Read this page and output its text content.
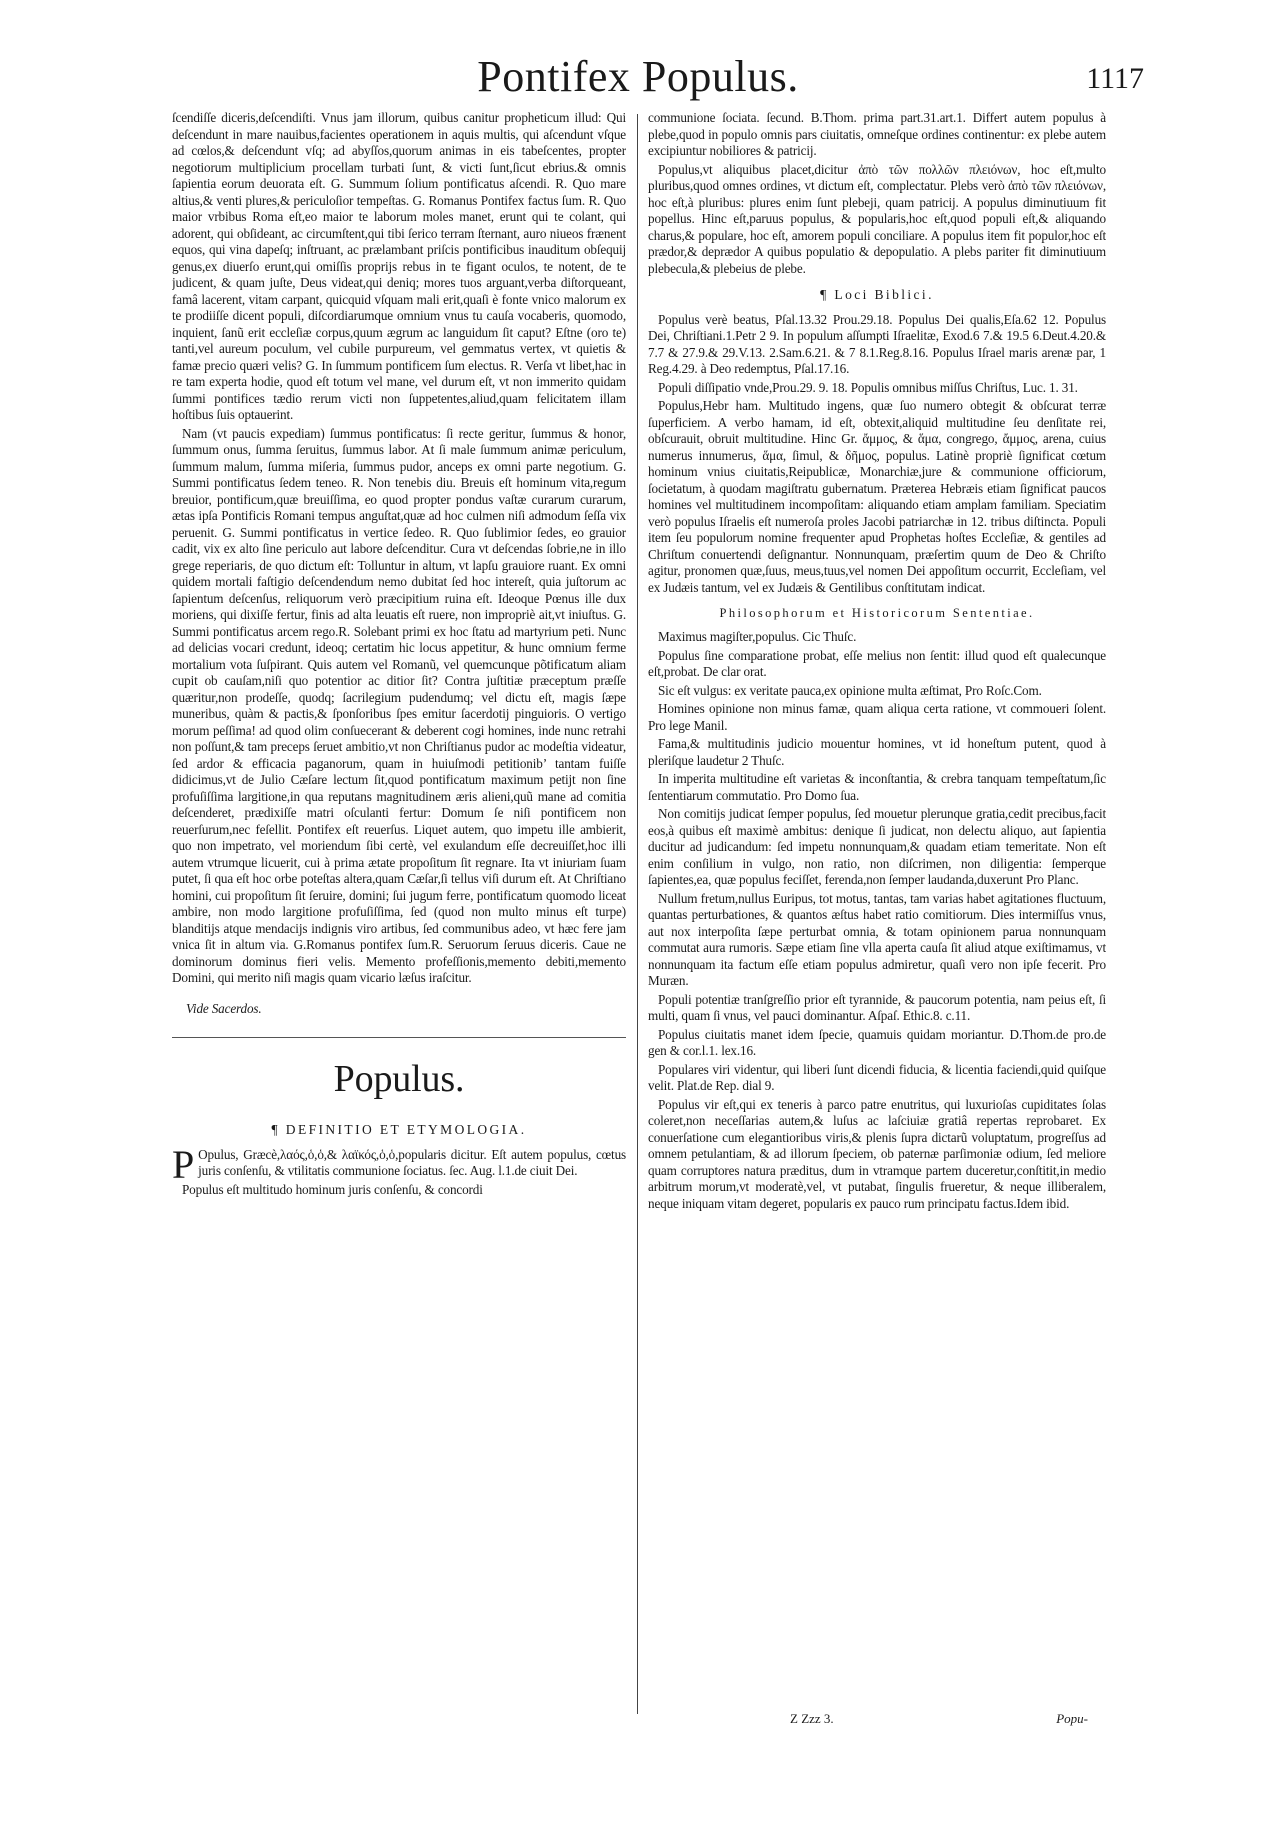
Pontifex Populus.	1117

ſcendiſſe diceris,deſcendiſti. Vnus jam illorum, quibus canitur propheticum illud: Qui deſcendunt in mare nauibus,facientes operationem in aquis multis, qui aſcendunt vſque ad cœlos,& deſcendunt vſq; ad abyſſos,quorum animas in eis tabeſcentes, propter negotiorum multiplicium procellam turbati ſunt, & victi ſunt,ſicut ebrius.& omnis ſapientia eorum deuorata eſt. G. Summum ſolium pontificatus aſcendi. R. Quo mare altius,& venti plures,& periculoſior tempeſtas. G. Romanus Pontifex factus ſum. R. Quo maior vrbibus Roma eſt,eo maior te laborum moles manet, erunt qui te colant, qui adorent, qui obſideant, ac circumſtent,qui tibi ſerico terram ſternant, auro niueos frænent equos, qui vina dapeſq; inſtruant, ac prælambant priſcis pontificibus inauditum obſequij genus,ex diuerſo erunt,qui omiſſis proprijs rebus in te figant oculos, te notent, de te judicent, & quam juſte, Deus videat,qui deniq; mores tuos arguant,verba diſtorqueant, famâ lacerent, vitam carpant, quicquid vſquam mali erit,quaſi è fonte vnico malorum ex te prodiiſſe dicent populi, diſcordiarumque omnium vnus tu cauſa vocaberis, quomodo, inquient, ſanũ erit eccleſiæ corpus,quum ægrum ac languidum ſit caput? Eſtne (oro te) tanti,vel aureum poculum, vel cubile purpureum, vel gemmatus vertex, vt quietis & famæ precio quæri velis? G. In ſummum pontificem ſum electus. R. Verſa vt libet,hac in re tam experta hodie, quod eſt totum vel mane, vel durum eſt, vt non immerito quidam ſummi pontifices tædio rerum victi non ſuppetentes,aliud,quam felicitatem illam hoſtibus ſuis optauerint.

Nam (vt paucis expediam) ſummus pontificatus: ſi recte geritur, ſummus & honor, ſummum onus, ſumma ſeruitus, ſummus labor. At ſi male ſummum animæ periculum, ſummum malum, ſumma miſeria, ſummus pudor, anceps ex omni parte negotium. G. Summi pontificatus ſedem teneo. R. Non tenebis diu. Breuis eſt hominum vita,regum breuior, pontificum,quæ breuiſſima, eo quod propter pondus vaſtæ curarum curarum, ætas ipſa Pontificis Romani tempus anguſtat,quæ ad hoc culmen niſi admodum ſeſſa vix peruenit. G. Summi pontificatus in vertice ſedeo. R. Quo ſublimior ſedes, eo grauior cadit, vix ex alto ſine periculo aut labore deſcenditur. Cura vt deſcendas ſobrie,ne in illo grege reperiaris, de quo dictum eſt: Tolluntur in altum, vt lapſu grauiore ruant. Ex omni quidem mortali faſtigio deſcendendum nemo dubitat ſed hoc intereſt, quia juſtorum ac ſapientum deſcenſus, reliquorum verò præcipitium ruina eſt. Ideoque Pœnus ille dux moriens, qui dixiſſe fertur, finis ad alta leuatis eſt ruere, non impropriè ait,vt iniuſtus. G. Summi pontificatus arcem rego.R. Solebant primi ex hoc ſtatu ad martyrium peti. Nunc ad delicias vocari credunt, ideoq; certatim hic locus appetitur, & hunc omnium ferme mortalium vota ſuſpirant. Quis autem vel Romanũ, vel quemcunque põtificatum aliam cupit ob cauſam,niſi quo potentior ac ditior ſit? Contra juſtitiæ præceptum præſſe quæritur,non prodeſſe, quodq; ſacrilegium pudendumq; vel dictu eſt, magis ſæpe muneribus, quàm & pactis,& ſponſoribus ſpes emitur ſacerdotij pinguioris. O vertigo morum peſſima! ad quod olim conſuecerant & deberent cogi homines, inde nunc retrahi non poſſunt,& tam preceps ſeruet ambitio,vt non Chriſtianus pudor ac modeſtia videatur, ſed ardor & efficacia paganorum, quam in huiuſmodi petitionib’ tantam fuiſſe didicimus,vt de Julio Cæſare lectum ſit,quod pontificatum maximum petijt non ſine profuſiſſima largitione,in qua reputans magnitudinem æris alieni,quũ mane ad comitia deſcenderet, prædixiſſe matri oſculanti fertur: Domum ſe niſi pontificem non reuerſurum,nec feſellit. Pontifex eſt reuerſus. Liquet autem, quo impetu ille ambierit, quo non impetrato, vel moriendum ſibi certè, vel exulandum eſſe decreuiſſet,hoc illi autem vtrumque licuerit, cui à prima ætate propoſitum ſit regnare. Ita vt iniuriam ſuam putet, ſi qua eſt hoc orbe poteſtas altera,quam Cæſar,ſi tellus viſi durum eſt. At Chriſtiano homini, cui propoſitum ſit ſeruire, domini; ſui jugum ferre, pontificatum quomodo liceat ambire, non modo largitione profuſiſſima, ſed (quod non multo minus eſt turpe) blanditijs atque mendacijs indignis viro artibus, ſed communibus adeo, vt hæc fere jam vnica ſit in altum via. G.Romanus pontifex ſum.R. Seruorum ſeruus diceris. Caue ne dominorum dominus fieri velis. Memento profeſſionis,memento debiti,memento Domini, qui merito niſi magis quam vicario læſus iraſcitur.

Vide Sacerdos.
Populus.
¶ DEFINITIO ET ETYMOLOGIA.

P Opulus, Græcè,λαός,ὁ,ὁ,& λαϊκός,ὁ,ὁ,popularis dicitur. Eſt autem populus, cœtus juris conſenſu, & vtilitatis communione ſociatus. ſec. Aug. l.1.de ciuit Dei.

Populus eſt multitudo hominum juris conſenſu, & concordi

communione ſociata. ſecund. B.Thom. prima part.31.art.1. Differt autem populus à plebe,quod in populo omnis pars ciuitatis, omneſque ordines continentur: ex plebe autem excipiuntur nobiliores & patricij.

Populus,vt aliquibus placet,dicitur ἀπὸ τῶν πολλῶν πλειόνων, hoc eſt,multo pluribus,quod omnes ordines, vt dictum eſt, complectatur. Plebs verò ἀπὸ τῶν πλειόνων, hoc eſt,à pluribus: plures enim ſunt plebeji, quam patricij. A populus diminutiuum fit popellus. Hinc eſt,paruus populus, & popularis,hoc eſt,quod populi eſt,& aliquando charus,& populare, hoc eſt, amorem populi conciliare. A populus item fit populor,hoc eſt prædor,& deprædor A quibus populatio & depopulatio. A plebs pariter fit diminutiuum plebecula,& plebeius de plebe.

¶ Loci Biblici.

Populus verè beatus, Pſal.13.32 Prou.29.18. Populus Dei qualis,Eſa.62 12. Populus Dei, Chriſtiani.1.Petr 2 9. In populum aſſumpti Iſraelitæ, Exod.6 7.& 19.5 6.Deut.4.20.& 7.7 & 27.9.& 29.V.13. 2.Sam.6.21. & 7 8.1.Reg.8.16. Populus Iſrael maris arenæ par, 1 Reg.4.29. à Deo redemptus, Pſal.17.16.

Populi diſſipatio vnde,Prou.29. 9. 18. Populis omnibus miſſus Chriſtus, Luc. 1. 31.

Populus,Hebr ham. Multitudo ingens, quæ ſuo numero obtegit & obſcurat terræ ſuperficiem. A verbo hamam, id eſt, obtexit,aliquid multitudine ſeu denſitate rei, obſcurauit, obruit multitudine. Hinc Gr. ἄμμος, & ἅμα, congrego, ἄμμος, arena, cuius numerus innumerus, ἅμα, ſimul, & δῆμος, populus. Latinè propriè ſignificat cœtum hominum vnius ciuitatis,Reipublicæ, Monarchiæ,jure & communione officiorum, ſocietatum, à quodam magiſtratu gubernatum. Præterea Hebræis etiam ſignificat paucos homines vel multitudinem incompoſitam: aliquando etiam amplam familiam. Speciatim verò populus Iſraelis eſt numeroſa proles Jacobi patriarchæ in 12. tribus diſtincta. Populi item ſeu populorum nomine frequenter apud Prophetas hoſtes Eccleſiæ, & gentiles ad Chriſtum conuertendi deſignantur. Nonnunquam, præſertim quum de Deo & Chriſto agitur, pronomen quæ,ſuus, meus,tuus,vel nomen Dei appoſitum occurrit, Eccleſiam, vel ex Judæis tantum, vel ex Judæis & Gentilibus conſtitutam indicat.

Philosophorum et Historicorum Sententiae.

Maximus magiſter,populus. Cic Thuſc.

Populus ſine comparatione probat, eſſe melius non ſentit: illud quod eſt qualecunque eſt,probat. De clar orat.

Sic eſt vulgus: ex veritate pauca,ex opinione multa æſtimat, Pro Roſc.Com.

Homines opinione non minus famæ, quam aliqua certa ratione, vt commoueri ſolent. Pro lege Manil.

Fama,& multitudinis judicio mouentur homines, vt id honeſtum putent, quod à pleriſque laudetur 2 Thuſc.

In imperita multitudine eſt varietas & inconſtantia, & crebra tanquam tempeſtatum,ſic ſententiarum commutatio. Pro Domo ſua.

Non comitijs judicat ſemper populus, ſed mouetur plerunque gratia,cedit precibus,facit eos,à quibus eſt maximè ambitus: denique ſi judicat, non delectu aliquo, aut ſapientia ducitur ad judicandum: ſed impetu nonnunquam,& quadam etiam temeritate. Non eſt enim conſilium in vulgo, non ratio, non diſcrimen, non diligentia: ſemperque ſapientes,ea, quæ populus feciſſet, ferenda,non ſemper laudanda,duxerunt Pro Planc.

Nullum fretum,nullus Euripus, tot motus, tantas, tam varias habet agitationes fluctuum, quantas perturbationes, & quantos æſtus habet ratio comitiorum. Dies intermiſſus vnus, aut nox interpoſita ſæpe perturbat omnia, & totam opinionem parua nonnunquam commutat aura rumoris. Sæpe etiam ſine vlla aperta cauſa ſit aliud atque exiſtimamus, vt nonnunquam ita factum eſſe etiam populus admiretur, quaſi vero non ipſe fecerit. Pro Muræn.

Populi potentiæ tranſgreſſio prior eſt tyrannide, & paucorum potentia, nam peius eſt, ſi multi, quam ſi vnus, vel pauci dominantur. Aſpaſ. Ethic.8. c.11.

Populus ciuitatis manet idem ſpecie, quamuis quidam moriantur. D.Thom.de pro.de gen & cor.l.1. lex.16.

Populares viri videntur, qui liberi ſunt dicendi fiducia, & licentia faciendi,quid quiſque velit. Plat.de Rep. dial 9.

Populus vir eſt,qui ex teneris à parco patre enutritus, qui luxurioſas cupiditates ſolas coleret,non neceſſarias autem,& luſus ac laſciuiæ gratiâ repertas reprobaret. Ex conuerſatione cum elegantioribus viris,& plenis ſupra dictarũ voluptatum, progreſſus ad omnem petulantiam, & ad illorum ſpeciem, ob paternæ parſimoniæ odium, ſed meliore quam corruptores natura præditus, dum in vtramque partem duceretur,conſtitit,in medio arbitrum morum,vt moderatè,vel, vt putabat, ſingulis frueretur, & neque illiberalem, neque iniquam vitam degeret, popularis ex pauco rum principatu factus.Idem ibid.

Z Zzz 3.	Popu-
